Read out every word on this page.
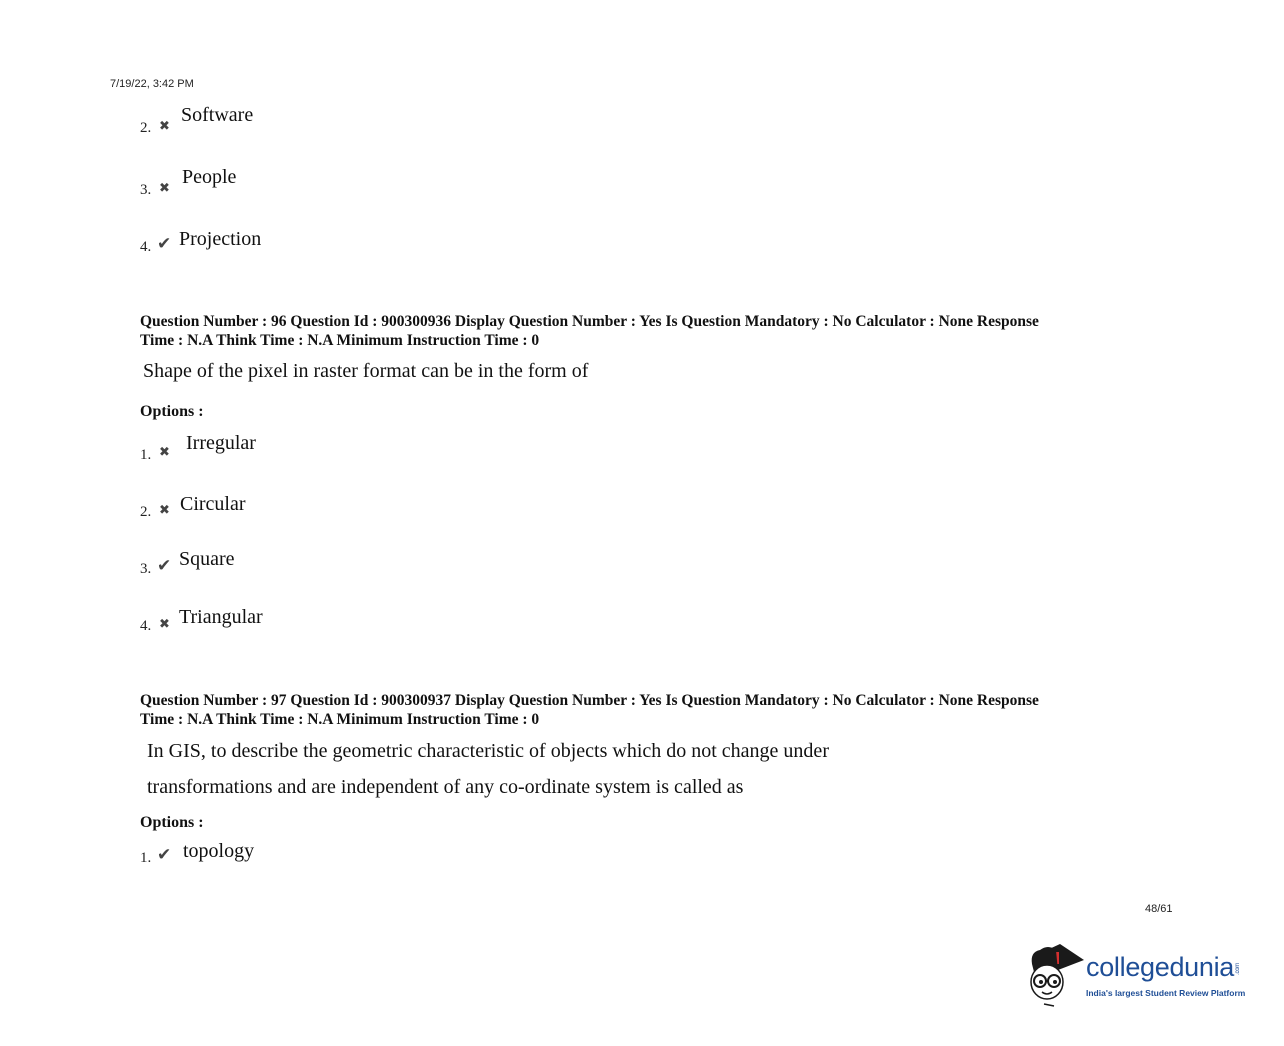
7/19/22, 3:42 PM
2. ✖ Software
3. ✖ People
4. ✔ Projection
Question Number : 96 Question Id : 900300936 Display Question Number : Yes Is Question Mandatory : No Calculator : None Response
Time : N.A Think Time : N.A Minimum Instruction Time : 0
Shape of the pixel in raster format can be in the form of
Options :
1. ✖ Irregular
2. ✖ Circular
3. ✔ Square
4. ✖ Triangular
Question Number : 97 Question Id : 900300937 Display Question Number : Yes Is Question Mandatory : No Calculator : None Response
Time : N.A Think Time : N.A Minimum Instruction Time : 0
In GIS, to describe the geometric characteristic of objects which do not change under
transformations and are independent of any co-ordinate system is called as
Options :
1. ✔ topology
48/61
collegedunia.com
India's largest Student Review Platform
